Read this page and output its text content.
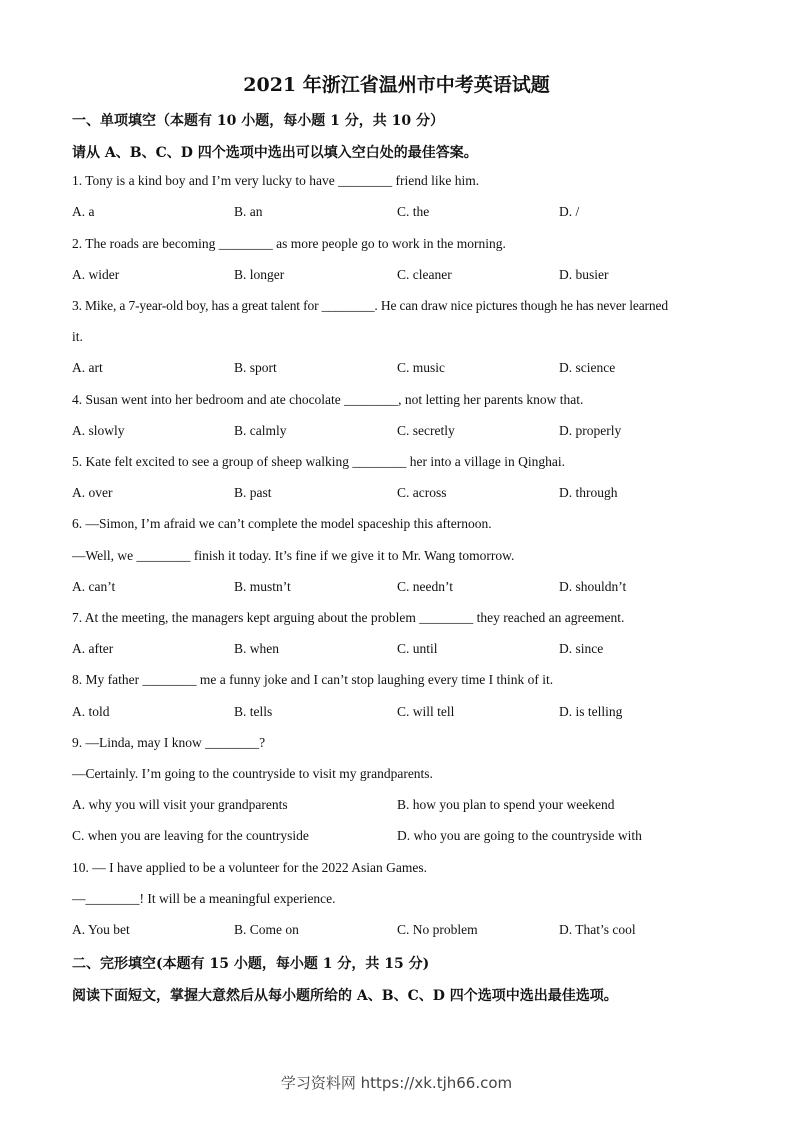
2021 年浙江省温州市中考英语试题
一、单项填空（本题有 10 小题，每小题 1 分，共 10 分）
请从 A、B、C、D 四个选项中选出可以填入空白处的最佳答案。
1. Tony is a kind boy and I’m very lucky to have ________ friend like him.
A. a	B. an	C. the	D. /
2. The roads are becoming ________ as more people go to work in the morning.
A. wider	B. longer	C. cleaner	D. busier
3. Mike, a 7-year-old boy, has a great talent for ________. He can draw nice pictures though he has never learned
it.
A. art	B. sport	C. music	D. science
4. Susan went into her bedroom and ate chocolate ________, not letting her parents know that.
A. slowly	B. calmly	C. secretly	D. properly
5. Kate felt excited to see a group of sheep walking ________ her into a village in Qinghai.
A. over	B. past	C. across	D. through
6. —Simon, I’m afraid we can’t complete the model spaceship this afternoon.
—Well, we ________ finish it today. It’s fine if we give it to Mr. Wang tomorrow.
A. can’t	B. mustn’t	C. needn’t	D. shouldn’t
7. At the meeting, the managers kept arguing about the problem ________ they reached an agreement.
A. after	B. when	C. until	D. since
8. My father ________ me a funny joke and I can’t stop laughing every time I think of it.
A. told	B. tells	C. will tell	D. is telling
9. —Linda, may I know ________?
—Certainly. I’m going to the countryside to visit my grandparents.
A. why you will visit your grandparents	B. how you plan to spend your weekend
C. when you are leaving for the countryside	D. who you are going to the countryside with
10. — I have applied to be a volunteer for the 2022 Asian Games.
—________! It will be a meaningful experience.
A. You bet	B. Come on	C. No problem	D. That’s cool
二、完形填空(本题有 15 小题，每小题 1 分，共 15 分)
阅读下面短文，掌握大意然后从每小题所给的 A、B、C、D 四个选项中选出最佳选项。
学习资料网 https://xk.tjh66.com
